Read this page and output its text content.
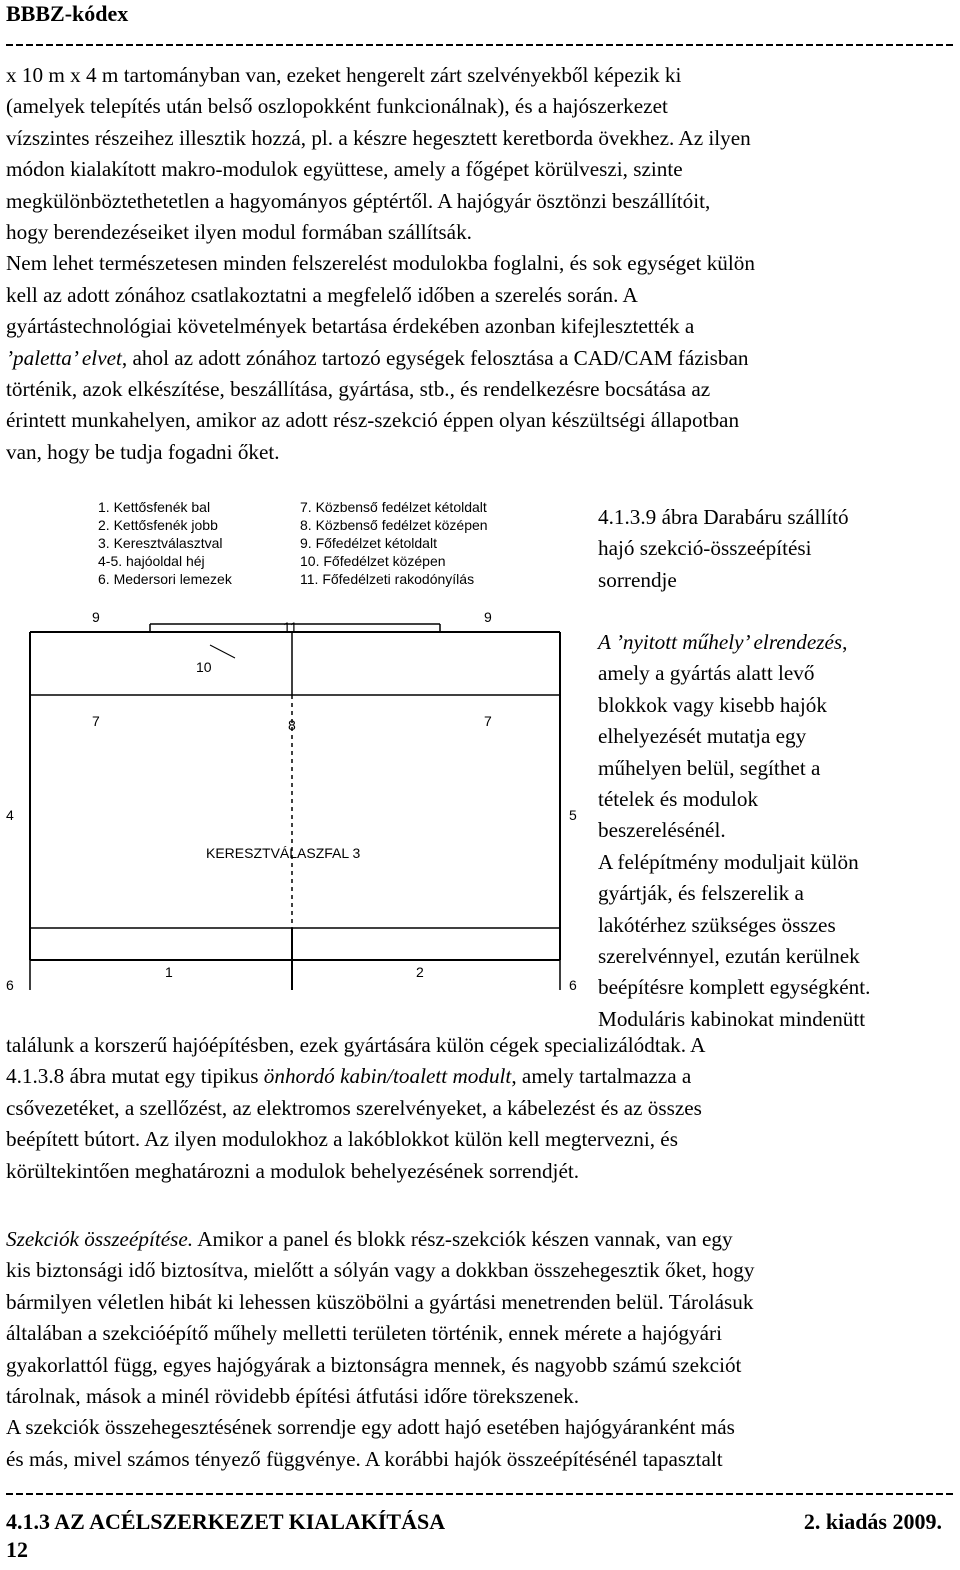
BBBZ-kódex
x 10 m x 4 m tartományban van, ezeket hengerelt zárt szelvényekből képezik ki
(amelyek telepítés után belső oszlopokként funkcionálnak), és a hajószerkezet
vízszintes részeihez illesztik hozzá, pl. a készre hegesztett keretborda övekhez. Az ilyen
módon kialakított makro-modulok együttese, amely a főgépet körülveszi, szinte
megkülönböztethetetlen a hagyományos géptértől. A hajógyár ösztönzi beszállítóit,
hogy berendezéseiket ilyen modul formában szállítsák.
Nem lehet természetesen minden felszerelést modulokba foglalni, és sok egységet külön
kell az adott zónához csatlakoztatni a megfelelő időben a szerelés során. A
gyártástechnológiai követelmények betartása érdekében azonban kifejlesztették a
’paletta’ elvet, ahol az adott zónához tartozó egységek felosztása a CAD/CAM fázisban
történik, azok elkészítése, beszállítása, gyártása, stb., és rendelkezésre bocsátása az
érintett munkahelyen, amikor az adott rész-szekció éppen olyan készültségi állapotban
van, hogy be tudja fogadni őket.
1. Kettősfenék bal
2. Kettősfenék jobb
3. Keresztválasztval
4-5. hajóoldal héj
6. Medersori lemezek
7. Közbenső fedélzet kétoldalt
8. Közbenső fedélzet középen
9. Főfedélzet kétoldalt
10. Főfedélzet középen
11. Főfedélzeti rakodónyílás
9
11
9
10
7	8	7
4	5
KERESZTVÁLASZFAL 3
1	2
6	6
4.1.3.9 ábra Darabáru szállító
hajó szekció-összeépítési
sorrendje
A ’nyitott műhely’ elrendezés,
amely a gyártás alatt levő
blokkok vagy kisebb hajók
elhelyezését mutatja egy
műhelyen belül, segíthet a
tételek és modulok
beszerelésénél.
A felépítmény moduljait külön
gyártják, és felszerelik a
lakótérhez szükséges összes
szerelvénnyel, ezután kerülnek
beépítésre komplett egységként.
Moduláris kabinokat mindenütt
találunk a korszerű hajóépítésben, ezek gyártására külön cégek specializálódtak. A
4.1.3.8 ábra mutat egy tipikus önhordó kabin/toalett modult, amely tartalmazza a
csővezetéket, a szellőzést, az elektromos szerelvényeket, a kábelezést és az összes
beépített bútort. Az ilyen modulokhoz a lakóblokkot külön kell megtervezni, és
körültekintően meghatározni a modulok behelyezésének sorrendjét.
Szekciók összeépítése. Amikor a panel és blokk rész-szekciók készen vannak, van egy
kis biztonsági idő biztosítva, mielőtt a sólyán vagy a dokkban összehegesztik őket, hogy
bármilyen véletlen hibát ki lehessen küszöbölni a gyártási menetrenden belül. Tárolásuk
általában a szekcióépítő műhely melletti területen történik, ennek mérete a hajógyári
gyakorlattól függ, egyes hajógyárak a biztonságra mennek, és nagyobb számú szekciót
tárolnak, mások a minél rövidebb építési átfutási időre törekszenek.
A szekciók összehegesztésének sorrendje egy adott hajó esetében hajógyáranként más
és más, mivel számos tényező függvénye. A korábbi hajók összeépítésénél tapasztalt
4.1.3 AZ ACÉLSZERKEZET KIALAKÍTÁSA	2. kiadás 2009.
12
